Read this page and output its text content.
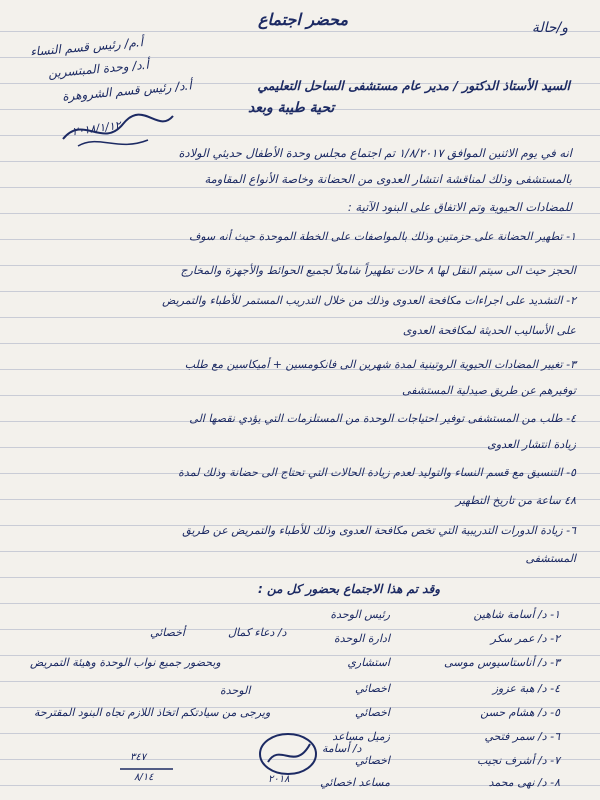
محضر اجتماع	و/حالة
أ.م/ رئيس قسم النساء
أ.د/ وحدة المبتسرين
أ.د/ رئيس قسم الشروهرة
٢٠١٨/١/١٢
السيد الأستاذ الدكتور / مدير عام مستشفى الساحل التعليمي
تحية طيبة وبعد
انه في يوم الاثنين الموافق ١/٨/٢٠١٧ تم اجتماع مجلس وحدة الأطفال حديثي الولادة
بالمستشفى وذلك لمناقشة انتشار العدوى من الحضانة وخاصة الأنواع المقاومة
للمضادات الحيوية وتم الاتفاق على البنود الآتية :
١- تطهير الحضانة على حزمتين وذلك بالمواصفات على الخطة الموحدة حيث أنه سوف
الحجز حيث الى سيتم النقل لها ٨ حالات تطهيراً شاملاً لجميع الحوائط والأجهزة والمخارج
٢- التشديد على اجراءات مكافحة العدوى وذلك من خلال التدريب المستمر للأطباء والتمريض
على الأساليب الحديثة لمكافحة العدوى
٣- تغيير المضادات الحيوية الروتينية لمدة شهرين الى فانكومسين + أميكاسين مع طلب
توفيرهم عن طريق صيدلية المستشفى
٤- طلب من المستشفى توفير احتياجات الوحدة من المستلزمات التي يؤدي نقصها الى
زيادة انتشار العدوى
٥- التنسيق مع قسم النساء والتوليد لعدم زيادة الحالات التي تحتاج الى حضانة وذلك لمدة
٤٨ ساعة من تاريخ التطهير
٦- زيادة الدورات التدريبية التي تخص مكافحة العدوى وذلك للأطباء والتمريض عن طريق
المستشفى
وقد تم هذا الاجتماع بحضور كل من :
١- د/ أسامة شاهين
رئيس الوحدة
٢- د/ عمر سكر
ادارة الوحدة
٣- د/ أناستاسيوس موسى
استشاري
٤- د/ هبة عزوز
اخصائي
٥- د/ هشام حسن
اخصائي
٦- د/ سمر فتحي
زميل مساعد
٧- د/ أشرف نجيب
اخصائي
٨- د/ نهى محمد
مساعد اخصائي
د/ دعاء كمال
أخصائي
وبحضور جميع نواب الوحدة وهيئة التمريض
الوحدة
ويرجى من سيادتكم اتخاذ اللازم تجاه البنود المقترحة
د/ أسامة
٢٠١٨
٣٤٧
٨/١٤
